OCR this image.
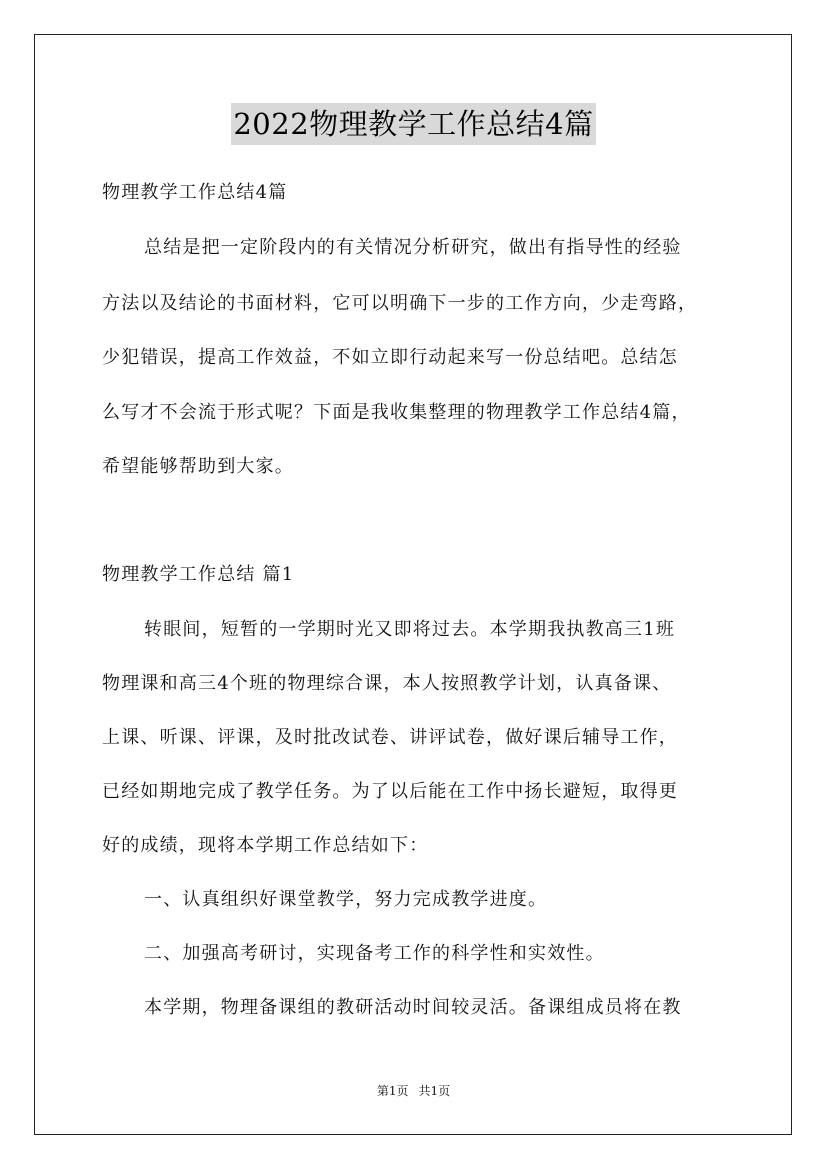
2022物理教学工作总结4篇
物理教学工作总结4篇
总结是把一定阶段内的有关情况分析研究，做出有指导性的经验
方法以及结论的书面材料，它可以明确下一步的工作方向，少走弯路，
少犯错误，提高工作效益，不如立即行动起来写一份总结吧。总结怎
么写才不会流于形式呢？下面是我收集整理的物理教学工作总结4篇，
希望能够帮助到大家。
物理教学工作总结 篇1
转眼间，短暂的一学期时光又即将过去。本学期我执教高三1班
物理课和高三4个班的物理综合课，本人按照教学计划，认真备课、
上课、听课、评课，及时批改试卷、讲评试卷，做好课后辅导工作，
已经如期地完成了教学任务。为了以后能在工作中扬长避短，取得更
好的成绩，现将本学期工作总结如下：
一、认真组织好课堂教学，努力完成教学进度。
二、加强高考研讨，实现备考工作的科学性和实效性。
本学期，物理备课组的教研活动时间较灵活。备课组成员将在教
第1页 共1页
